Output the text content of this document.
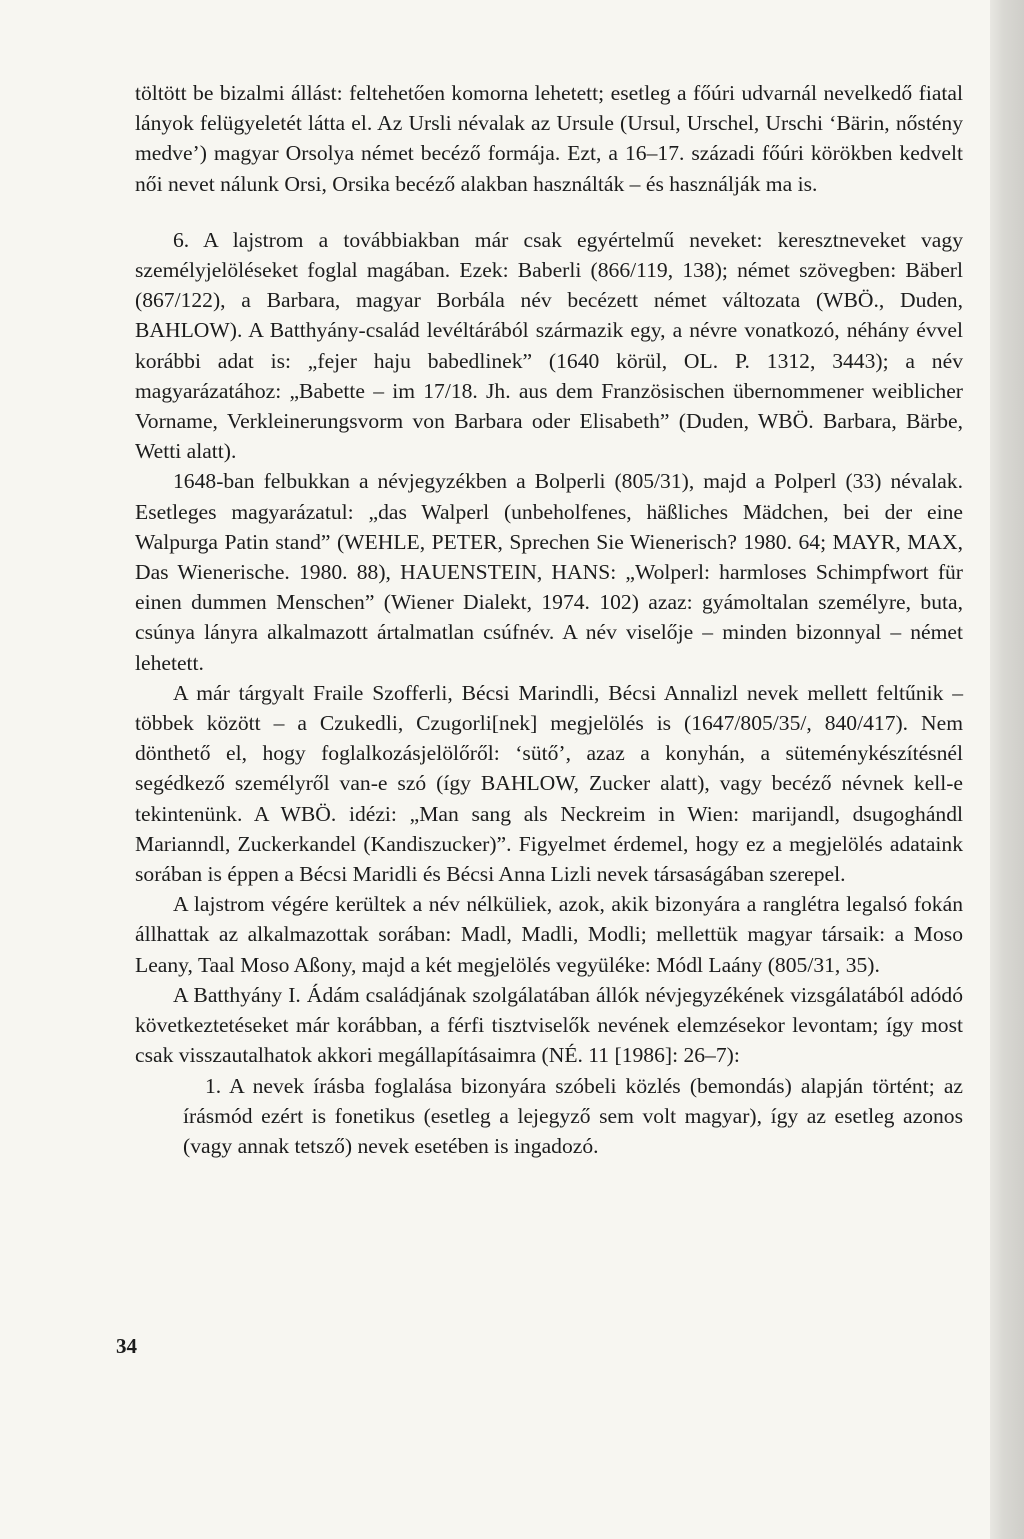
töltött be bizalmi állást: feltehetően komorna lehetett; esetleg a főúri udvarnál nevelkedő fiatal lányok felügyeletét látta el. Az Ursli névalak az Ursule (Ursul, Urschel, Urschi ‘Bärin, nőstény medve’) magyar Orsolya német becéző formája. Ezt, a 16–17. századi főúri körökben kedvelt női nevet nálunk Orsi, Orsika becéző alakban használták – és használják ma is.

6. A lajstrom a továbbiakban már csak egyértelmű neveket: keresztneveket vagy személyjelöléseket foglal magában. Ezek: Baberli (866/119, 138); német szövegben: Bäberl (867/122), a Barbara, magyar Borbála név becézett német változata (WBÖ., Duden, BAHLOW). A Batthyány-család levéltárából származik egy, a névre vonatkozó, néhány évvel korábbi adat is: „fejer haju babedlinek” (1640 körül, OL. P. 1312, 3443); a név magyarázatához: „Babette – im 17/18. Jh. aus dem Französischen übernommener weiblicher Vorname, Verkleinerungsvorm von Barbara oder Elisabeth” (Duden, WBÖ. Barbara, Bärbe, Wetti alatt).

1648-ban felbukkan a névjegyzékben a Bolperli (805/31), majd a Polperl (33) névalak. Esetleges magyarázatul: „das Walperl (unbeholfenes, häßliches Mädchen, bei der eine Walpurga Patin stand” (WEHLE, PETER, Sprechen Sie Wienerisch? 1980. 64; MAYR, MAX, Das Wienerische. 1980. 88), HAUENSTEIN, HANS: „Wolperl: harmloses Schimpfwort für einen dummen Menschen” (Wiener Dialekt, 1974. 102) azaz: gyámoltalan személyre, buta, csúnya lányra alkalmazott ártalmatlan csúfnév. A név viselője – minden bizonnyal – német lehetett.

A már tárgyalt Fraile Szofferli, Bécsi Marindli, Bécsi Annalizl nevek mellett feltűnik – többek között – a Czukedli, Czugorli[nek] megjelölés is (1647/805/35/, 840/417). Nem dönthető el, hogy foglalkozásjelölőről: ‘sütő’, azaz a konyhán, a süteménykészítésnél segédkező személyről van-e szó (így BAHLOW, Zucker alatt), vagy becéző névnek kell-e tekintenünk. A WBÖ. idézi: „Man sang als Neckreim in Wien: marijandl, dsugoghándl Marianndl, Zuckerkandel (Kandiszucker)”. Figyelmet érdemel, hogy ez a megjelölés adataink sorában is éppen a Bécsi Maridli és Bécsi Anna Lizli nevek társaságában szerepel.

A lajstrom végére kerültek a név nélküliek, azok, akik bizonyára a ranglétra legalsó fokán állhattak az alkalmazottak sorában: Madl, Madli, Modli; mellettük magyar társaik: a Moso Leany, Taal Moso Aßony, majd a két megjelölés vegyüléke: Módl Laány (805/31, 35).

A Batthyány I. Ádám családjának szolgálatában állók névjegyzékének vizsgálatából adódó következtetéseket már korábban, a férfi tisztviselők nevének elemzésekor levontam; így most csak visszautalhatok akkori megállapításaimra (NÉ. 11 [1986]: 26–7):

1. A nevek írásba foglalása bizonyára szóbeli közlés (bemondás) alapján történt; az írásmód ezért is fonetikus (esetleg a lejegyző sem volt magyar), így az esetleg azonos (vagy annak tetsző) nevek esetében is ingadozó.

34
